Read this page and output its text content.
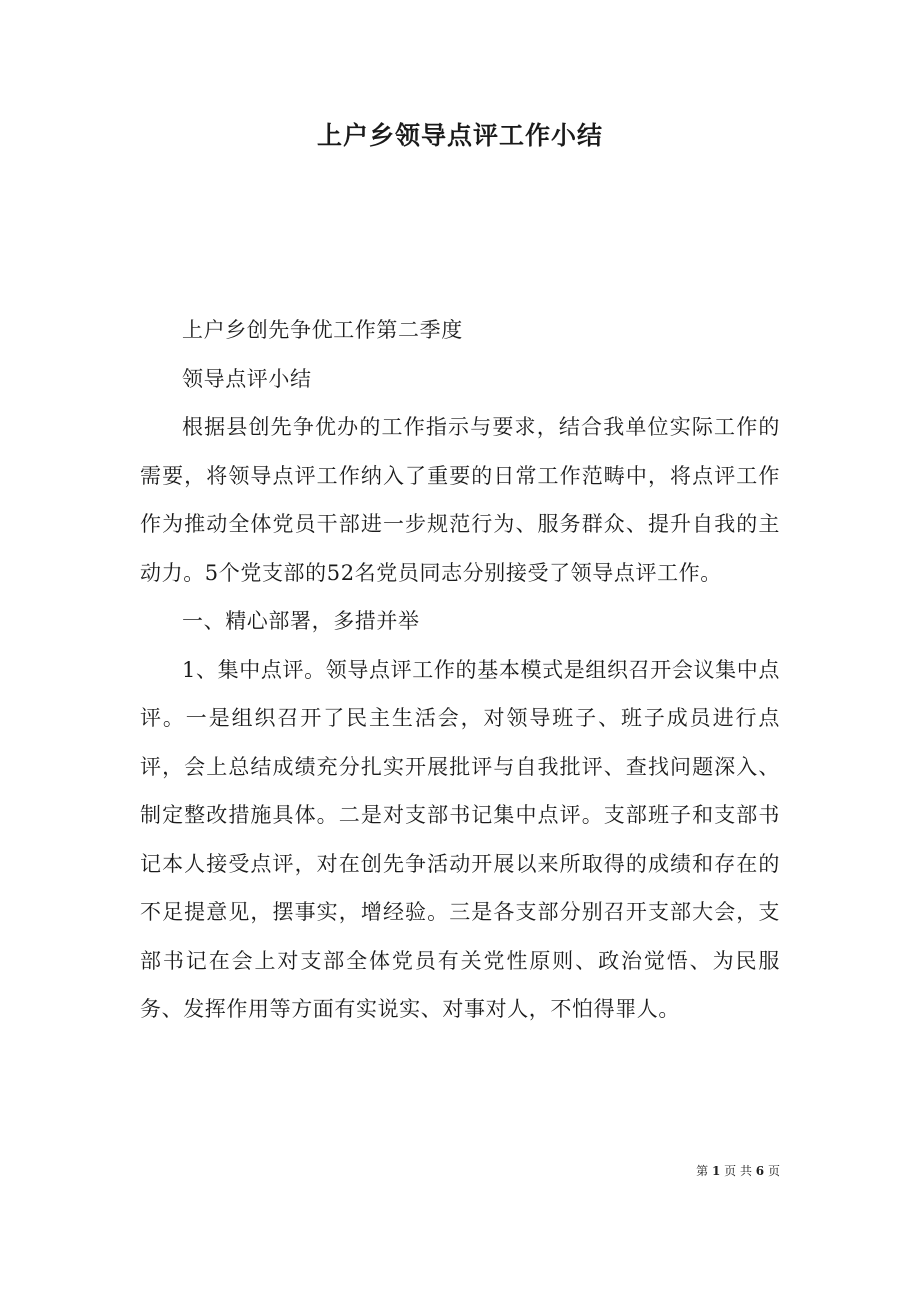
上户乡领导点评工作小结

上户乡创先争优工作第二季度

领导点评小结

根据县创先争优办的工作指示与要求，结合我单位实际工作的需要，将领导点评工作纳入了重要的日常工作范畴中，将点评工作作为推动全体党员干部进一步规范行为、服务群众、提升自我的主动力。5个党支部的52名党员同志分别接受了领导点评工作。

一、精心部署，多措并举

1、集中点评。领导点评工作的基本模式是组织召开会议集中点评。一是组织召开了民主生活会，对领导班子、班子成员进行点评，会上总结成绩充分扎实开展批评与自我批评、查找问题深入、制定整改措施具体。二是对支部书记集中点评。支部班子和支部书记本人接受点评，对在创先争活动开展以来所取得的成绩和存在的不足提意见，摆事实，增经验。三是各支部分别召开支部大会，支部书记在会上对支部全体党员有关党性原则、政治觉悟、为民服务、发挥作用等方面有实说实、对事对人，不怕得罪人。

第 1 页 共 6 页
